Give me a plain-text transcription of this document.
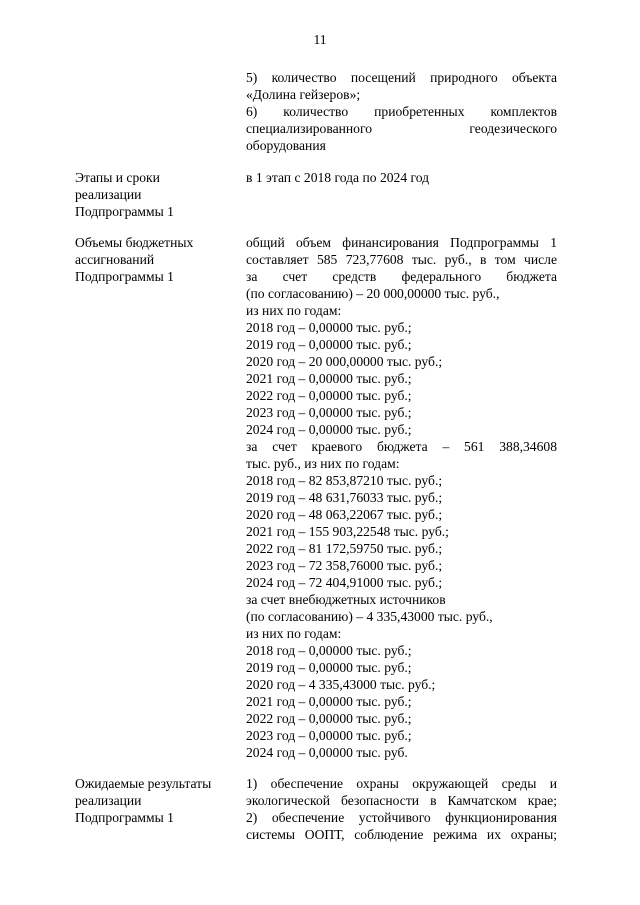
11
5) количество посещений природного объекта
«Долина гейзеров»;
6) количество приобретенных комплектов
специализированного геодезического
оборудования
Этапы и сроки
реализации
Подпрограммы 1
в 1 этап с 2018 года по 2024 год
Объемы бюджетных
ассигнований
Подпрограммы 1
общий объем финансирования Подпрограммы 1
составляет 585 723,77608 тыс. руб., в том числе
за счет средств федерального бюджета
(по согласованию) – 20 000,00000 тыс. руб.,
из них по годам:
2018 год – 0,00000 тыс. руб.;
2019 год – 0,00000 тыс. руб.;
2020 год – 20 000,00000 тыс. руб.;
2021 год – 0,00000 тыс. руб.;
2022 год – 0,00000 тыс. руб.;
2023 год – 0,00000 тыс. руб.;
2024 год – 0,00000 тыс. руб.;
за счет краевого бюджета – 561 388,34608
тыс. руб., из них по годам:
2018 год – 82 853,87210 тыс. руб.;
2019 год – 48 631,76033 тыс. руб.;
2020 год – 48 063,22067 тыс. руб.;
2021 год – 155 903,22548 тыс. руб.;
2022 год – 81 172,59750 тыс. руб.;
2023 год – 72 358,76000 тыс. руб.;
2024 год – 72 404,91000 тыс. руб.;
за счет внебюджетных источников
(по согласованию) – 4 335,43000 тыс. руб.,
из них по годам:
2018 год – 0,00000 тыс. руб.;
2019 год – 0,00000 тыс. руб.;
2020 год – 4 335,43000 тыс. руб.;
2021 год – 0,00000 тыс. руб.;
2022 год – 0,00000 тыс. руб.;
2023 год – 0,00000 тыс. руб.;
2024 год – 0,00000 тыс. руб.
Ожидаемые результаты
реализации
Подпрограммы 1
1) обеспечение охраны окружающей среды и
экологической безопасности в Камчатском крае;
2) обеспечение устойчивого функционирования
системы ООПТ, соблюдение режима их охраны;
